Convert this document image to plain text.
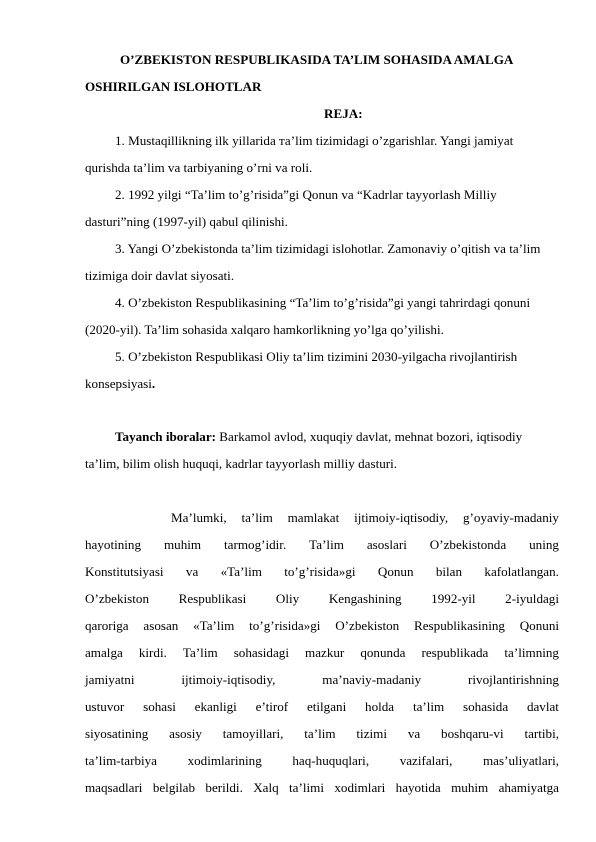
O’ZBEKISTON RESPUBLIKASIDA TA’LIM SOHASIDA AMALGA
OSHIRILGAN ISLOHOTLAR
REJA:
1. Mustaqillikning ilk yillarida та’lim tizimidagi o’zgarishlar. Yangi jamiyat
qurishda ta’lim va tarbiyaning o’rni va roli.
2. 1992 yilgi “Ta’lim to’g’risida”gi Qonun va “Kadrlar tayyorlash Milliy
dasturi”ning (1997-yil) qabul qilinishi.
3. Yangi O’zbekistonda ta’lim tizimidagi islohotlar. Zamonaviy o’qitish va ta’lim
tizimiga doir davlat siyosati.
4. O’zbekiston Respublikasining “Ta’lim to’g’risida”gi yangi tahrirdagi qonuni
(2020-yil). Ta’lim sohasida xalqaro hamkorlikning yo’lga qo’yilishi.
5. O’zbekiston Respublikasi Oliy ta’lim tizimini 2030-yilgacha rivojlantirish
konsepsiyasi.
Tayanch iboralar: Barkamol avlod, xuquqiy davlat, mehnat bozori, iqtisodiy
ta’lim, bilim olish huquqi, kadrlar tayyorlash milliy dasturi.
Ma’lumki, ta’lim mamlakat ijtimoiy-iqtisodiy, g’oyaviy-madaniy
hayotining muhim tarmog’idir. Ta’lim asoslari O’zbekistonda uning
Konstitutsiyasi va «Ta’lim to’g’risida»gi Qonun bilan kafolatlangan.
O’zbekiston Respublikasi Oliy Kengashining 1992-yil 2-iyuldagi
qaroriga asosan «Ta’lim to’g’risida»gi O’zbekiston Respublikasining Qonuni
amalga kirdi. Ta’lim sohasidagi mazkur qonunda respublikada ta’limning
jamiyatni	ijtimoiy-iqtisodiy,	ma’naviy-madaniy	rivojlantirishning
ustuvor sohasi ekanligi e’tirof etilgani holda ta’lim sohasida davlat
siyosatining asosiy tamoyillari, ta’lim tizimi va boshqaru-vi tartibi,
ta’lim-tarbiya xodimlarining haq-huquqlari, vazifalari, mas’uliyatlari,
maqsadlari belgilab berildi. Xalq ta’limi xodimlari hayotida muhim ahamiyatga
